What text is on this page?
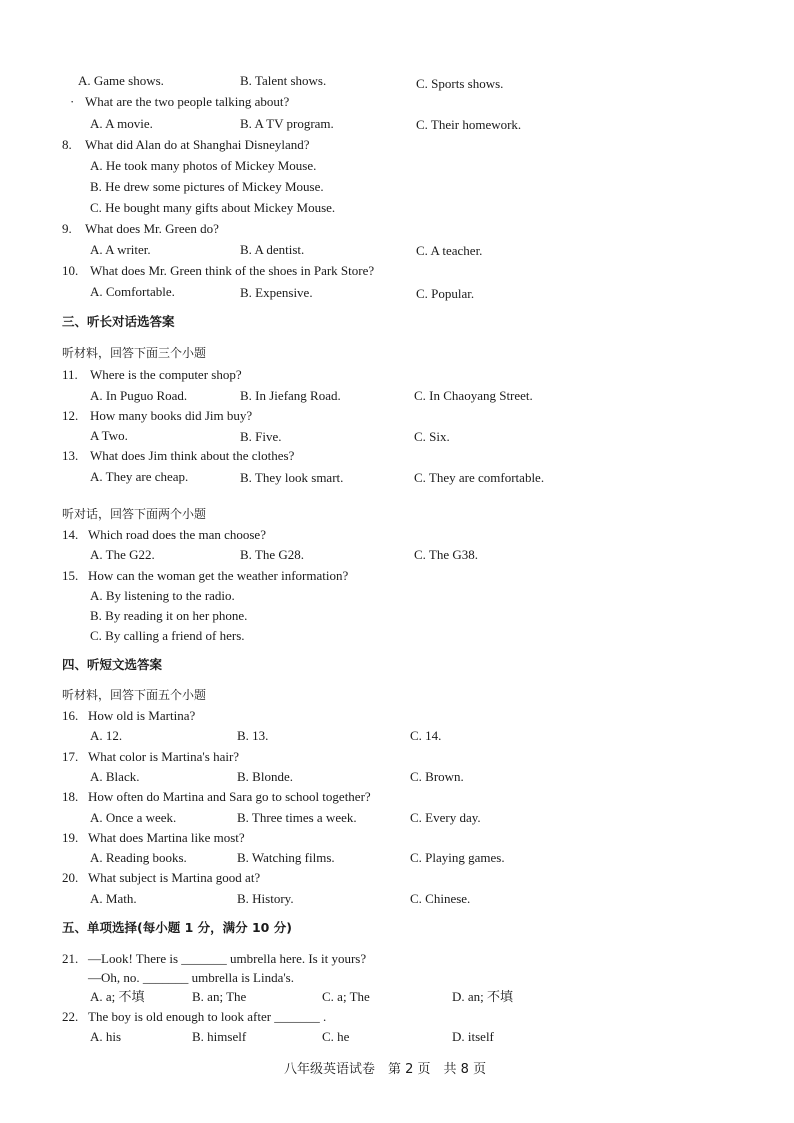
A. Game shows.	B. Talent shows.	C. Sports shows.
· What are the two people talking about?
A. A movie.	B. A TV program.	C. Their homework.
8. What did Alan do at Shanghai Disneyland?
A. He took many photos of Mickey Mouse.
B. He drew some pictures of Mickey Mouse.
C. He bought many gifts about Mickey Mouse.
9. What does Mr. Green do?
A. A writer.	B. A dentist.	C. A teacher.
10. What does Mr. Green think of the shoes in Park Store?
A. Comfortable.	B. Expensive.	C. Popular.
三、听长对话选答案
听材料，回答下面三个小题
11. Where is the computer shop?
A. In Puguo Road.	B. In Jiefang Road.	C. In Chaoyang Street.
12. How many books did Jim buy?
A Two.	B. Five.	C. Six.
13. What does Jim think about the clothes?
A. They are cheap.	B. They look smart.	C. They are comfortable.
听对话，回答下面两个小题
14. Which road does the man choose?
A. The G22.	B. The G28.	C. The G38.
15. How can the woman get the weather information?
A. By listening to the radio.
B. By reading it on her phone.
C. By calling a friend of hers.
四、听短文选答案
听材料，回答下面五个小题
16. How old is Martina?
A. 12.	B. 13.	C. 14.
17. What color is Martina's hair?
A. Black.	B. Blonde.	C. Brown.
18. How often do Martina and Sara go to school together?
A. Once a week.	B. Three times a week.	C. Every day.
19. What does Martina like most?
A. Reading books.	B. Watching films.	C. Playing games.
20. What subject is Martina good at?
A. Math.	B. History.	C. Chinese.
五、单项选择(每小题 1 分，满分 10 分)
21. —Look! There is _______ umbrella here. Is it yours?
—Oh, no. _______ umbrella is Linda's.
A. a; 不填	B. an; The	C. a; The	D. an; 不填
22. The boy is old enough to look after _______ .
A. his	B. himself	C. he	D. itself
八年级英语试卷　第 2 页　共 8 页
